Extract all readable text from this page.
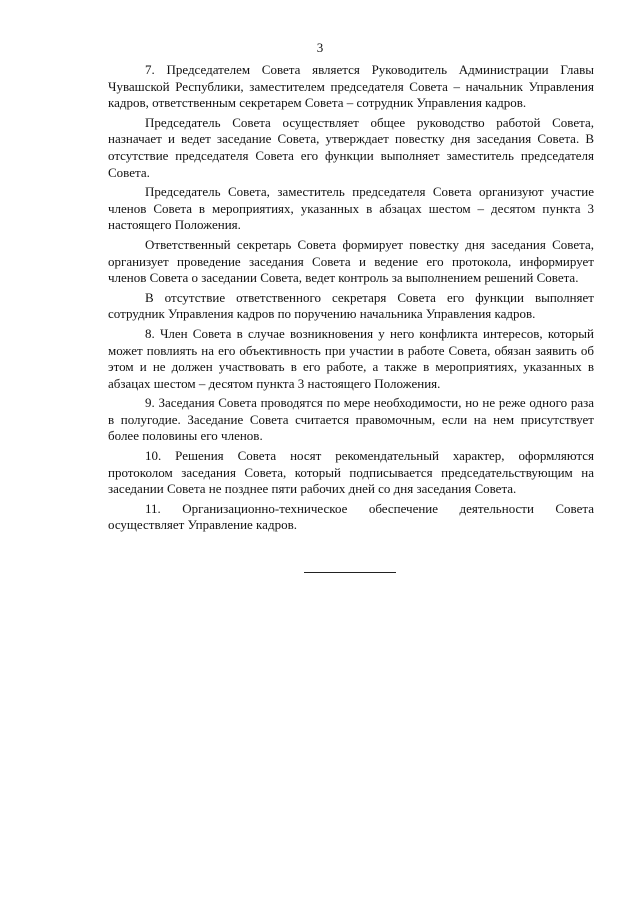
3

7. Председателем Совета является Руководитель Администрации Главы Чувашской Республики, заместителем председателя Совета – начальник Управления кадров, ответственным секретарем Совета – сотрудник Управления кадров.

Председатель Совета осуществляет общее руководство работой Совета, назначает и ведет заседание Совета, утверждает повестку дня заседания Совета. В отсутствие председателя Совета его функции выполняет заместитель председателя Совета.

Председатель Совета, заместитель председателя Совета организуют участие членов Совета в мероприятиях, указанных в абзацах шестом – десятом пункта 3 настоящего Положения.

Ответственный секретарь Совета формирует повестку дня заседания Совета, организует проведение заседания Совета и ведение его протокола, информирует членов Совета о заседании Совета, ведет контроль за выполнением решений Совета.

В отсутствие ответственного секретаря Совета его функции выполняет сотрудник Управления кадров по поручению начальника Управления кадров.

8. Член Совета в случае возникновения у него конфликта интересов, который может повлиять на его объективность при участии в работе Совета, обязан заявить об этом и не должен участвовать в его работе, а также в мероприятиях, указанных в абзацах шестом – десятом пункта 3 настоящего Положения.

9. Заседания Совета проводятся по мере необходимости, но не реже одного раза в полугодие. Заседание Совета считается правомочным, если на нем присутствует более половины его членов.

10. Решения Совета носят рекомендательный характер, оформляются протоколом заседания Совета, который подписывается председательствующим на заседании Совета не позднее пяти рабочих дней со дня заседания Совета.

11. Организационно-техническое обеспечение деятельности Совета осуществляет Управление кадров.
